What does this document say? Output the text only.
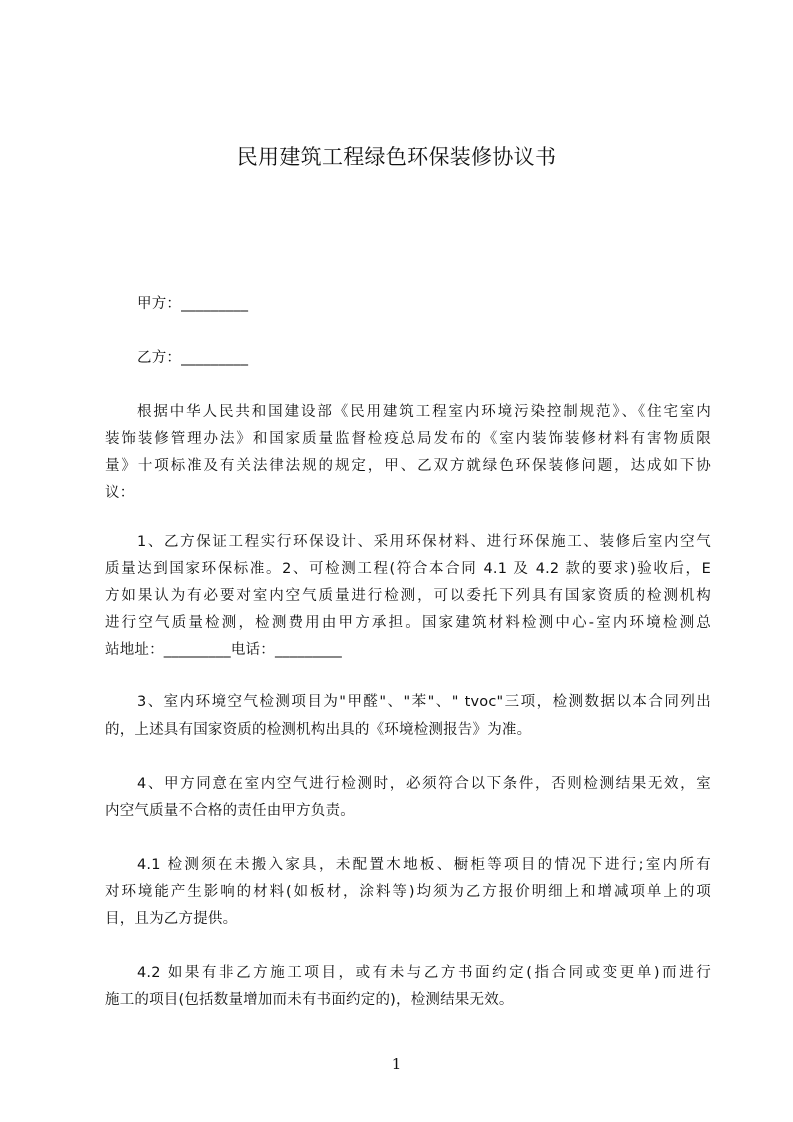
民用建筑工程绿色环保装修协议书
甲方：_________
乙方：_________
根据中华人民共和国建设部《民用建筑工程室内环境污染控制规范》、《住宅室内
装饰装修管理办法》和国家质量监督检疫总局发布的《室内装饰装修材料有害物质限
量》十项标准及有关法律法规的规定，甲、乙双方就绿色环保装修问题，达成如下协
议：
1、乙方保证工程实行环保设计、采用环保材料、进行环保施工、装修后室内空气
质量达到国家环保标准。2、可检测工程(符合本合同 4.1 及 4.2 款的要求)验收后，E
方如果认为有必要对室内空气质量进行检测，可以委托下列具有国家资质的检测机构
进行空气质量检测，检测费用由甲方承担。国家建筑材料检测中心-室内环境检测总
站地址：_________电话：_________
3、室内环境空气检测项目为"甲醛"、"苯"、" tvoc"三项，检测数据以本合同列出
的，上述具有国家资质的检测机构出具的《环境检测报告》为准。
4、甲方同意在室内空气进行检测时，必须符合以下条件，否则检测结果无效，室
内空气质量不合格的责任由甲方负责。
4.1 检测须在未搬入家具，未配置木地板、橱柜等项目的情况下进行;室内所有
对环境能产生影响的材料(如板材，涂料等)均须为乙方报价明细上和增减项单上的项
目，且为乙方提供。
4.2 如果有非乙方施工项目，或有未与乙方书面约定(指合同或变更单)而进行
施工的项目(包括数量增加而未有书面约定的)，检测结果无效。
1
